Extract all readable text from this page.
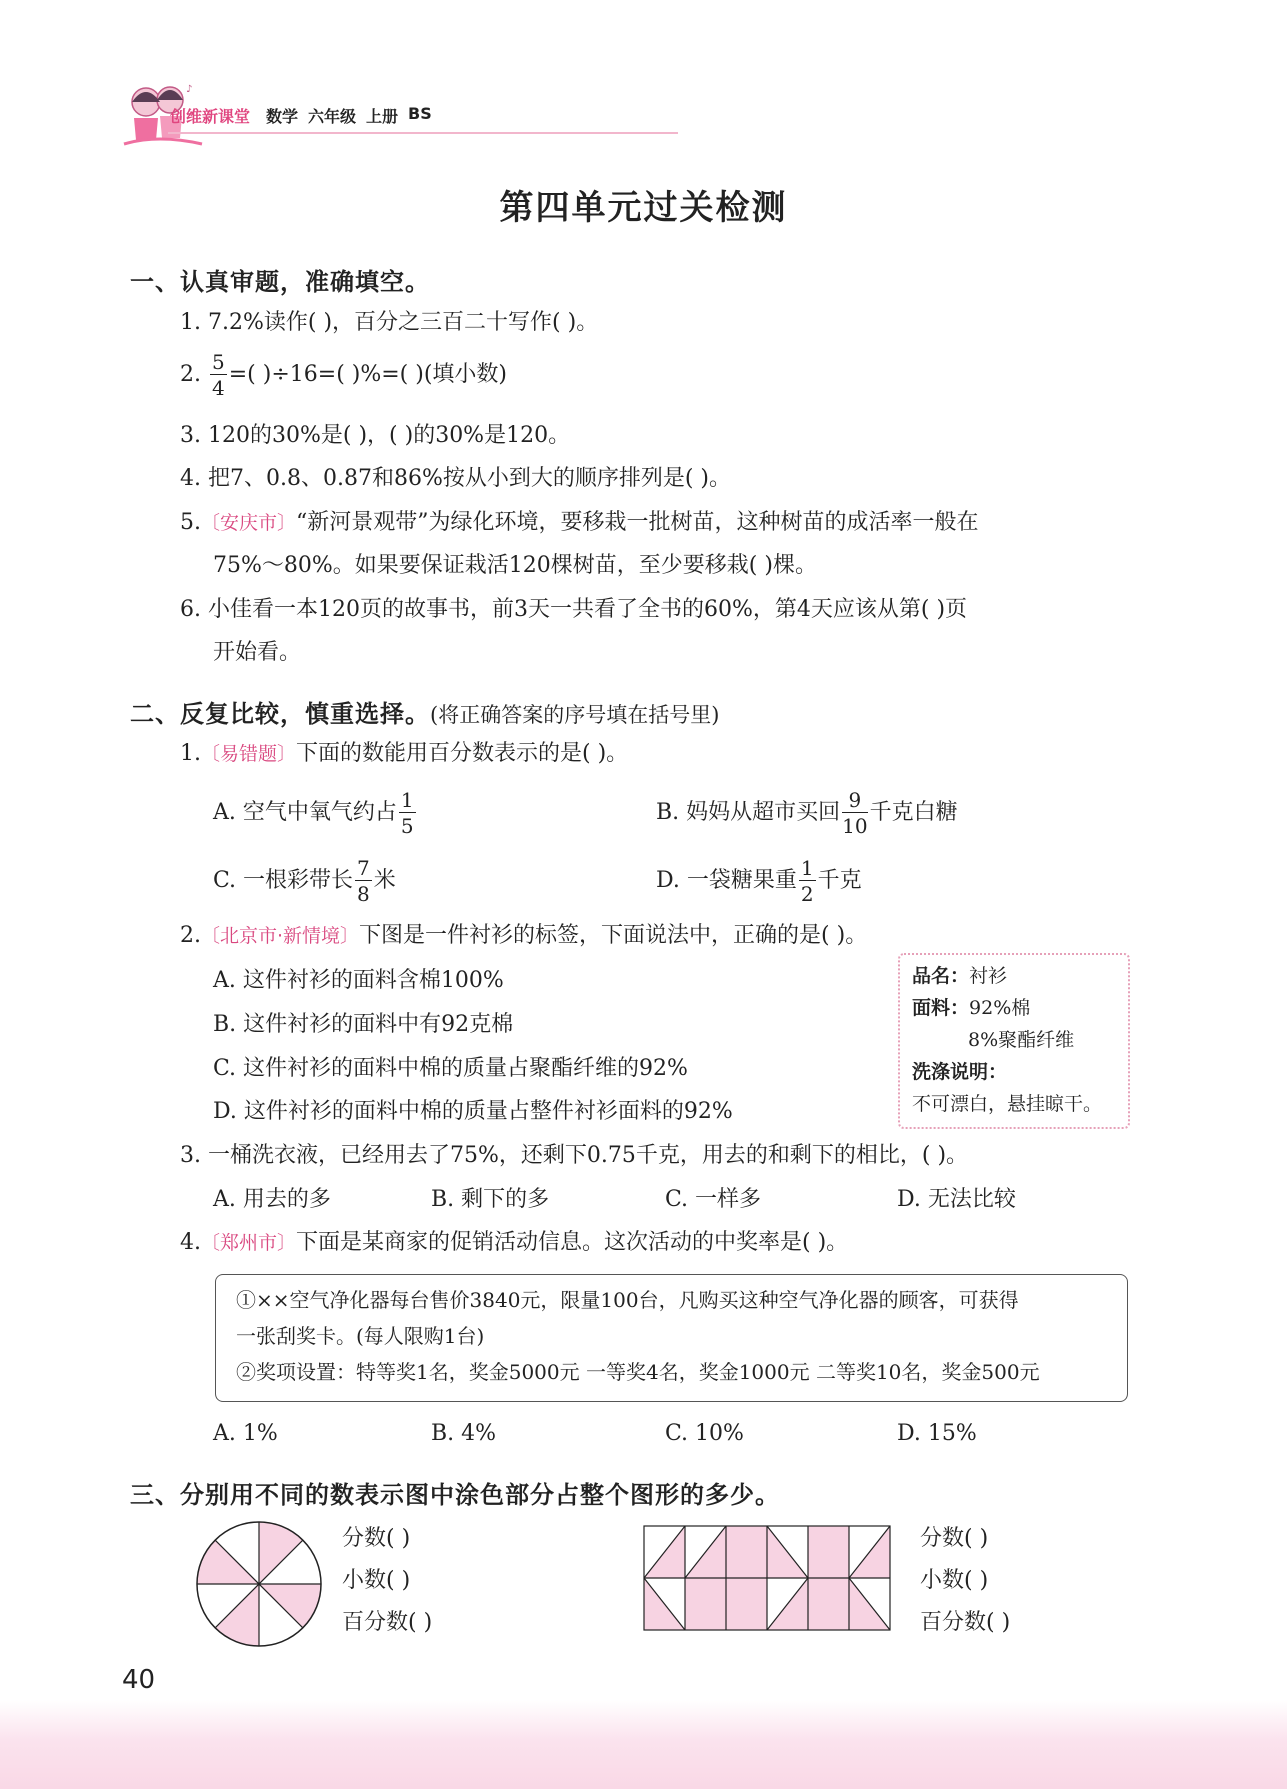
♪
创维新课堂 数学 六年级 上册 BS
第四单元过关检测
一、认真审题，准确填空。
1. 7.2%读作( )，百分之三百二十写作( )。
2. $\frac{5}{4}$ =( )÷16=( )%=( )(填小数)
3. 120的30%是( )，( )的30%是120。
4. 把7、0.8、0.87和86%按从小到大的顺序排列是( )。
5.〔安庆市〕“新河景观带”为绿化环境，要移栽一批树苗，这种树苗的成活率一般在
75%～80%。如果要保证栽活120棵树苗，至少要移栽( )棵。
6. 小佳看一本120页的故事书，前3天一共看了全书的60%，第4天应该从第( )页
开始看。
二、反复比较，慎重选择。(将正确答案的序号填在括号里)
1.〔易错题〕下面的数能用百分数表示的是( )。
A. 空气中氧气约占 $\frac{1}{5}$	B. 妈妈从超市买回 $\frac{9}{10}$ 千克白糖
C. 一根彩带长 $\frac{7}{8}$ 米	D. 一袋糖果重 $\frac{1}{2}$ 千克
2.〔北京市·新情境〕下图是一件衬衫的标签，下面说法中，正确的是( )。
A. 这件衬衫的面料含棉100%
B. 这件衬衫的面料中有92克棉
C. 这件衬衫的面料中棉的质量占聚酯纤维的92%
D. 这件衬衫的面料中棉的质量占整件衬衫面料的92%
品名：衬衫
面料：92%棉
8%聚酯纤维
洗涤说明：
不可漂白，悬挂晾干。
3. 一桶洗衣液，已经用去了75%，还剩下0.75千克，用去的和剩下的相比，( )。
A. 用去的多	B. 剩下的多	C. 一样多	D. 无法比较
4.〔郑州市〕下面是某商家的促销活动信息。这次活动的中奖率是( )。
①××空气净化器每台售价3840元，限量100台，凡购买这种空气净化器的顾客，可获得
一张刮奖卡。(每人限购1台)
②奖项设置：特等奖1名，奖金5000元 一等奖4名，奖金1000元 二等奖10名，奖金500元
A. 1%	B. 4%	C. 10%	D. 15%
三、分别用不同的数表示图中涂色部分占整个图形的多少。
分数( )
小数( )
百分数( )
分数( )
小数( )
百分数( )
40
